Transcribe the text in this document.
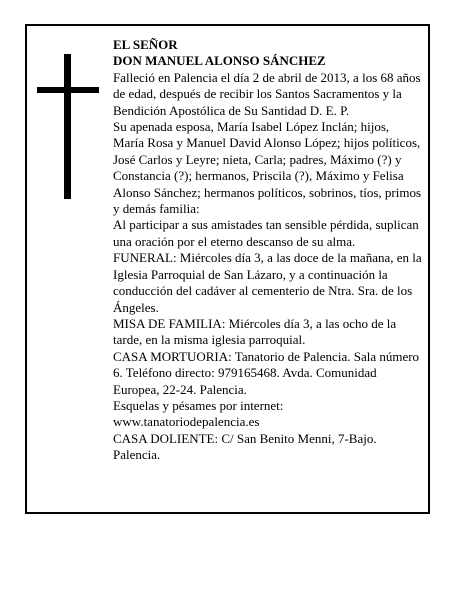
EL SEÑOR

DON MANUEL ALONSO SÁNCHEZ

Falleció en Palencia el día 2 de abril de 2013, a los 68 años de edad, después de recibir los Santos Sacramentos y la Bendición Apostólica de Su Santidad D. E. P.

Su apenada esposa, María Isabel López Inclán; hijos, María Rosa y Manuel David Alonso López; hijos políticos, José Carlos y Leyre; nieta, Carla; padres, Máximo (?) y Constancia (?); hermanos, Priscila (?), Máximo y Felisa Alonso Sánchez; hermanos políticos, sobrinos, tíos, primos y demás familia:

Al participar a sus amistades tan sensible pérdida, suplican una oración por el eterno descanso de su alma.

FUNERAL: Miércoles día 3, a las doce de la mañana, en la Iglesia Parroquial de San Lázaro, y a continuación la conducción del cadáver al cementerio de Ntra. Sra. de los Ángeles.

MISA DE FAMILIA: Miércoles día 3, a las ocho de la tarde, en la misma iglesia parroquial.

CASA MORTUORIA: Tanatorio de Palencia. Sala número 6. Teléfono directo: 979165468. Avda. Comunidad Europea, 22-24. Palencia.

Esquelas y pésames por internet: www.tanatoriodepalencia.es

CASA DOLIENTE: C/ San Benito Menni, 7-Bajo. Palencia.
